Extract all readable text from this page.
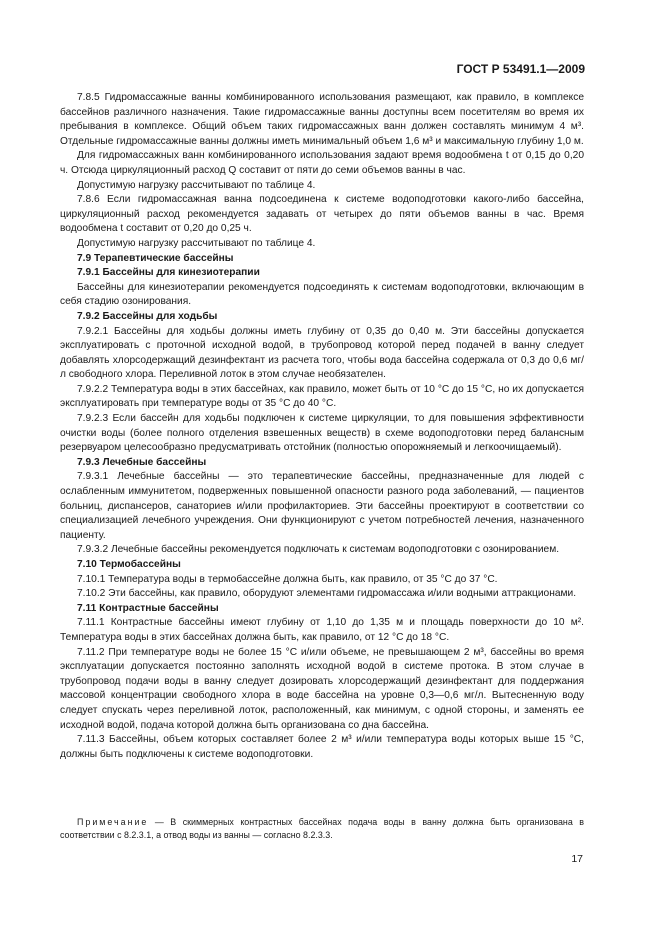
ГОСТ Р 53491.1—2009

7.8.5 Гидромассажные ванны комбинированного использования размещают, как правило, в комплексе бассейнов различного назначения. Такие гидромассажные ванны доступны всем посетителям во время их пребывания в комплексе. Общий объем таких гидромассажных ванн должен составлять минимум 4 м³. Отдельные гидромассажные ванны должны иметь минимальный объем 1,6 м³ и максимальную глубину 1,0 м.

Для гидромассажных ванн комбинированного использования задают время водообмена t от 0,15 до 0,20 ч. Отсюда циркуляционный расход Q составит от пяти до семи объемов ванны в час.

Допустимую нагрузку рассчитывают по таблице 4.

7.8.6 Если гидромассажная ванна подсоединена к системе водоподготовки какого-либо бассейна, циркуляционный расход рекомендуется задавать от четырех до пяти объемов ванны в час. Время водообмена t составит от 0,20 до 0,25 ч.

Допустимую нагрузку рассчитывают по таблице 4.

7.9 Терапевтические бассейны

7.9.1 Бассейны для кинезиотерапии

Бассейны для кинезиотерапии рекомендуется подсоединять к системам водоподготовки, включающим в себя стадию озонирования.

7.9.2 Бассейны для ходьбы

7.9.2.1 Бассейны для ходьбы должны иметь глубину от 0,35 до 0,40 м. Эти бассейны допускается эксплуатировать с проточной исходной водой, в трубопровод которой перед подачей в ванну следует добавлять хлорсодержащий дезинфектант из расчета того, чтобы вода бассейна содержала от 0,3 до 0,6 мг/л свободного хлора. Переливной лоток в этом случае необязателен.

7.9.2.2 Температура воды в этих бассейнах, как правило, может быть от 10 °С до 15 °С, но их допускается эксплуатировать при температуре воды от 35 °С до 40 °С.

7.9.2.3 Если бассейн для ходьбы подключен к системе циркуляции, то для повышения эффективности очистки воды (более полного отделения взвешенных веществ) в схеме водоподготовки перед балансным резервуаром целесообразно предусматривать отстойник (полностью опорожняемый и легкоочищаемый).

7.9.3 Лечебные бассейны

7.9.3.1 Лечебные бассейны — это терапевтические бассейны, предназначенные для людей с ослабленным иммунитетом, подверженных повышенной опасности разного рода заболеваний, — пациентов больниц, диспансеров, санаториев и/или профилакториев. Эти бассейны проектируют в соответствии со специализацией лечебного учреждения. Они функционируют с учетом потребностей лечения, назначенного пациенту.

7.9.3.2 Лечебные бассейны рекомендуется подключать к системам водоподготовки с озонированием.

7.10 Термобассейны

7.10.1 Температура воды в термобассейне должна быть, как правило, от 35 °С до 37 °С.

7.10.2 Эти бассейны, как правило, оборудуют элементами гидромассажа и/или водными аттракционами.

7.11 Контрастные бассейны

7.11.1 Контрастные бассейны имеют глубину от 1,10 до 1,35 м и площадь поверхности до 10 м². Температура воды в этих бассейнах должна быть, как правило, от 12 °С до 18 °С.

7.11.2 При температуре воды не более 15 °С и/или объеме, не превышающем 2 м³, бассейны во время эксплуатации допускается постоянно заполнять исходной водой в системе протока. В этом случае в трубопровод подачи воды в ванну следует дозировать хлорсодержащий дезинфектант для поддержания массовой концентрации свободного хлора в воде бассейна на уровне 0,3—0,6 мг/л. Вытесненную воду следует спускать через переливной лоток, расположенный, как минимум, с одной стороны, и заменять ее исходной водой, подача которой должна быть организована со дна бассейна.

7.11.3 Бассейны, объем которых составляет более 2 м³ и/или температура воды которых выше 15 °С, должны быть подключены к системе водоподготовки.

Примечание — В скиммерных контрастных бассейнах подача воды в ванну должна быть организована в соответствии с 8.2.3.1, а отвод воды из ванны — согласно 8.2.3.3.

17
